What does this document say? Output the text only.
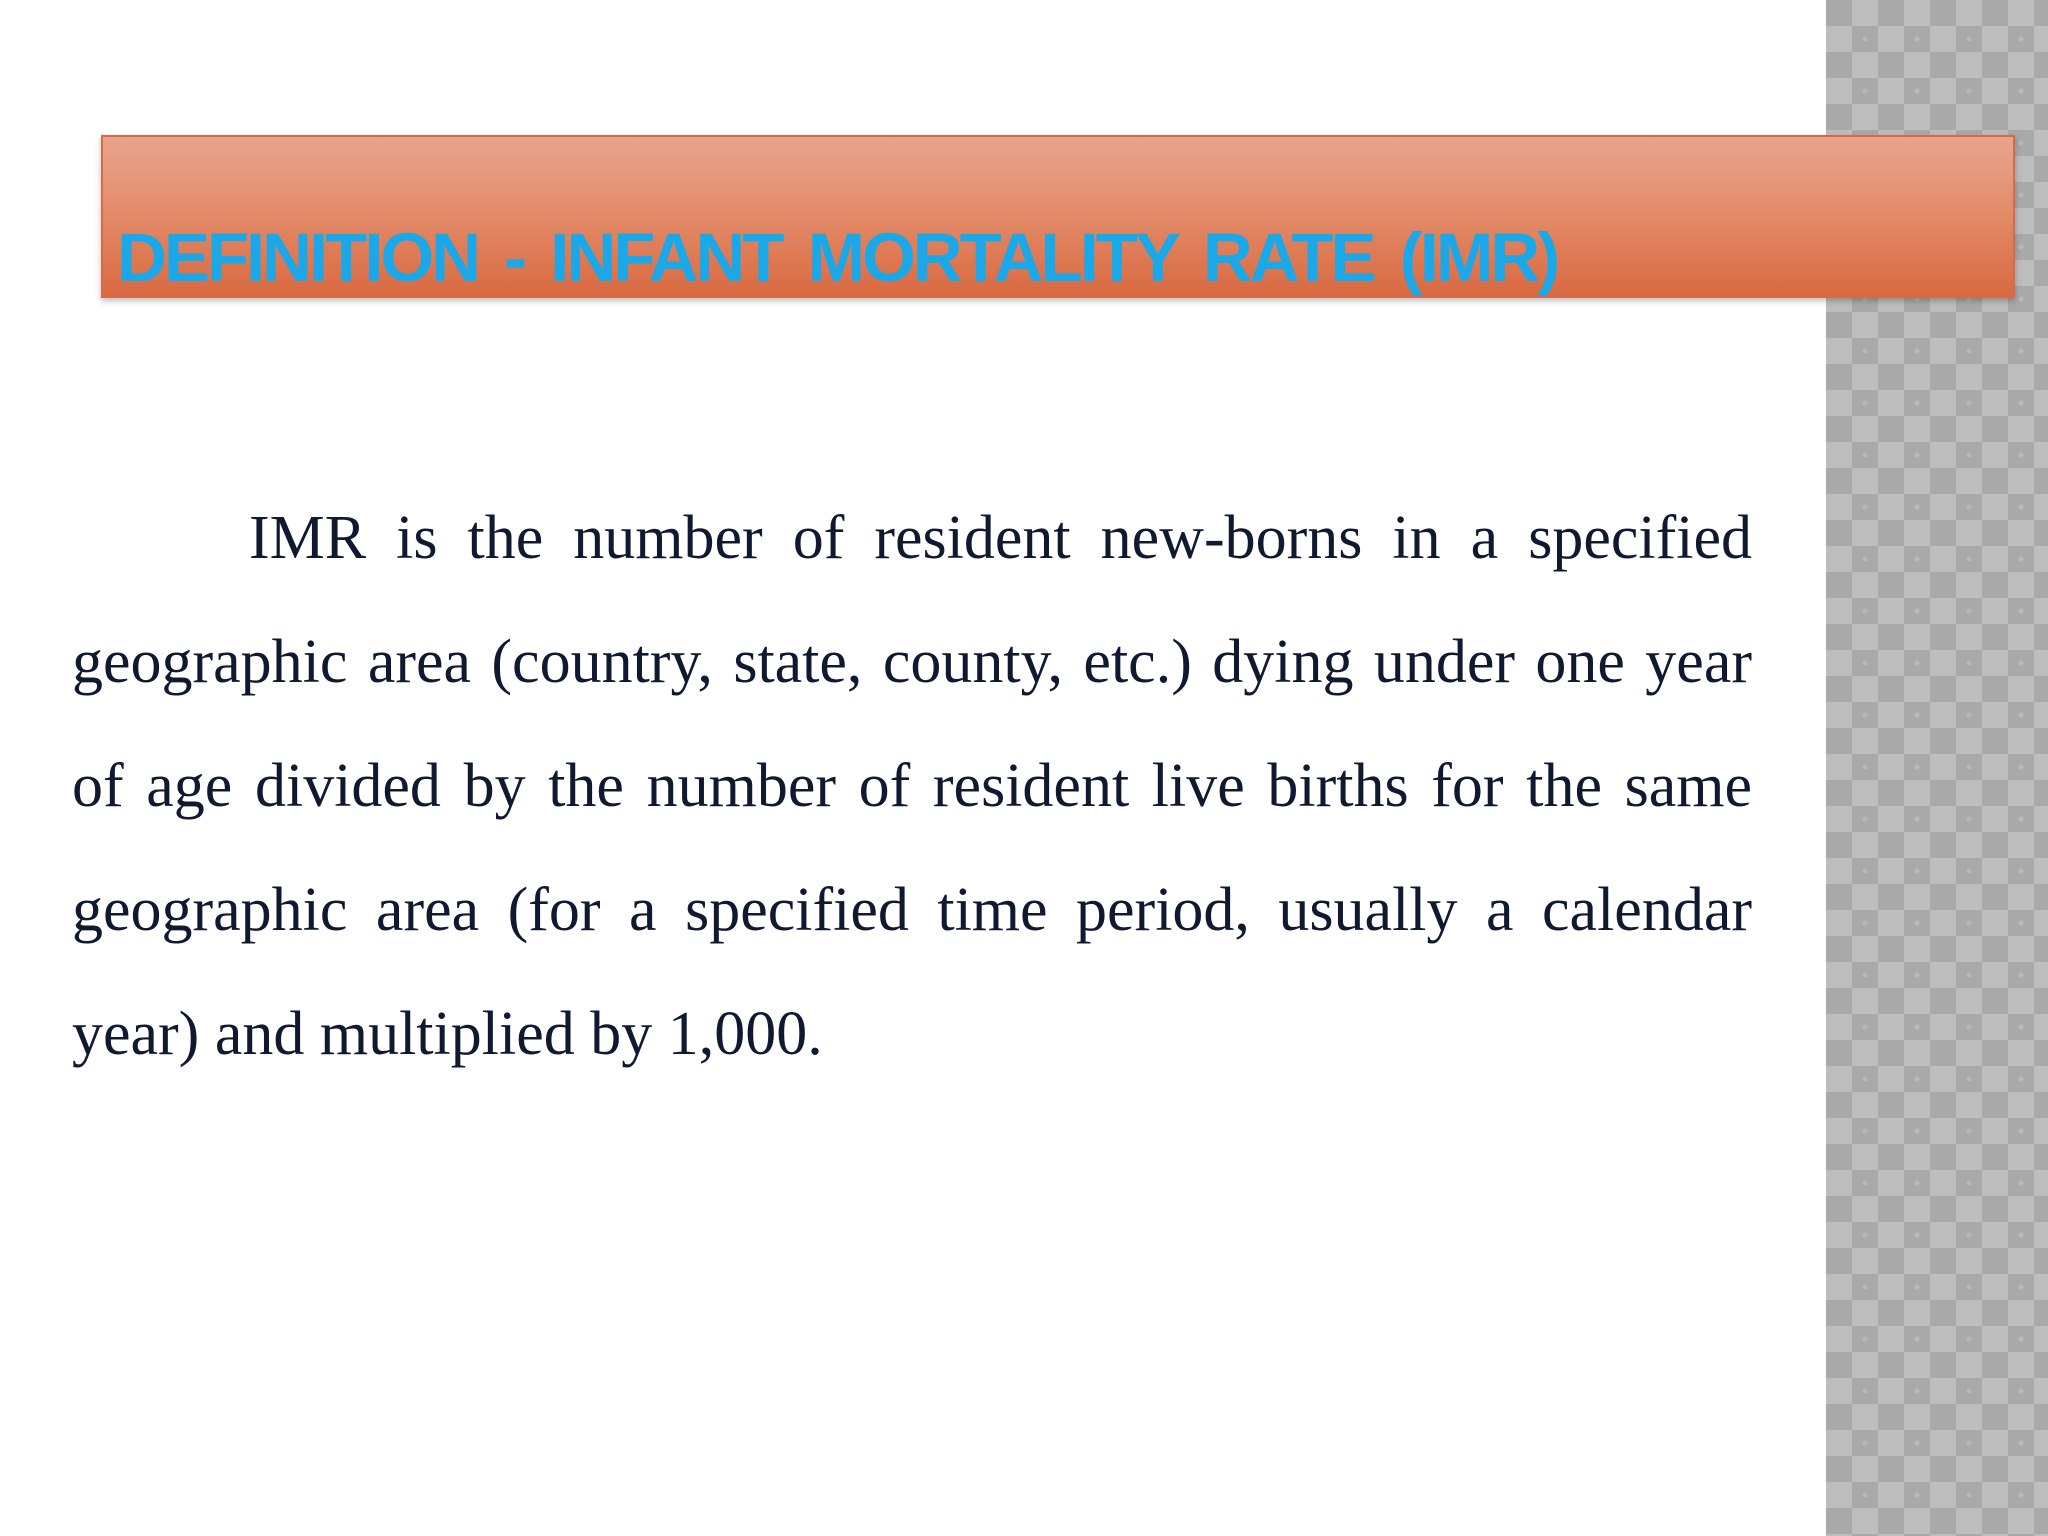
DEFINITION - INFANT MORTALITY RATE (IMR)

IMR is the number of resident new-borns in a specified geographic area (country, state, county, etc.) dying under one year of age divided by the number of resident live births for the same geographic area (for a specified time period, usually a calendar year) and multiplied by 1,000.
